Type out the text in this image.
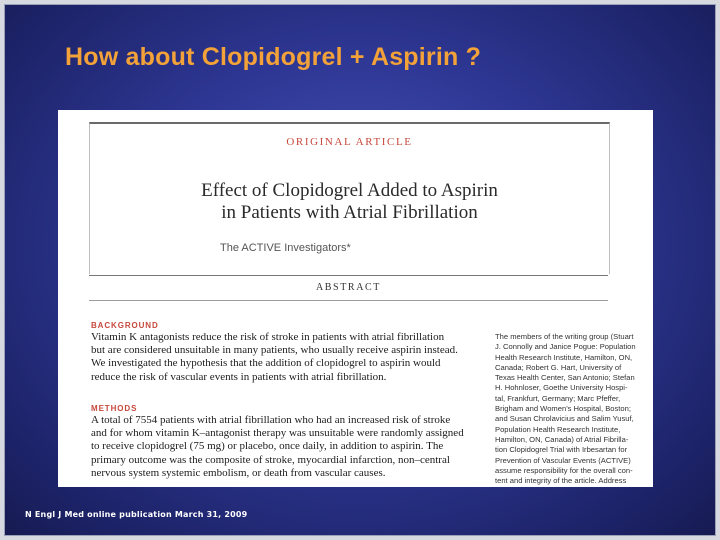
How about Clopidogrel + Aspirin ?
ORIGINAL ARTICLE
Effect of Clopidogrel Added to Aspirin
in Patients with Atrial Fibrillation
The ACTIVE Investigators*
ABSTRACT
BACKGROUND
Vitamin K antagonists reduce the risk of stroke in patients with atrial fibrillation
but are considered unsuitable in many patients, who usually receive aspirin instead.
We investigated the hypothesis that the addition of clopidogrel to aspirin would
reduce the risk of vascular events in patients with atrial fibrillation.
METHODS
A total of 7554 patients with atrial fibrillation who had an increased risk of stroke
and for whom vitamin K–antagonist therapy was unsuitable were randomly assigned
to receive clopidogrel (75 mg) or placebo, once daily, in addition to aspirin. The
primary outcome was the composite of stroke, myocardial infarction, non–central
nervous system systemic embolism, or death from vascular causes.
The members of the writing group (Stuart
J. Connolly and Janice Pogue: Population
Health Research Institute, Hamilton, ON,
Canada; Robert G. Hart, University of
Texas Health Center, San Antonio; Stefan
H. Hohnloser, Goethe University Hospi-
tal, Frankfurt, Germany; Marc Pfeffer,
Brigham and Women's Hospital, Boston;
and Susan Chrolavicius and Salim Yusuf,
Population Health Research Institute,
Hamilton, ON, Canada) of Atrial Fibrilla-
tion Clopidogrel Trial with Irbesartan for
Prevention of Vascular Events (ACTIVE)
assume responsibility for the overall con-
tent and integrity of the article. Address
N Engl J Med online publication March 31, 2009
